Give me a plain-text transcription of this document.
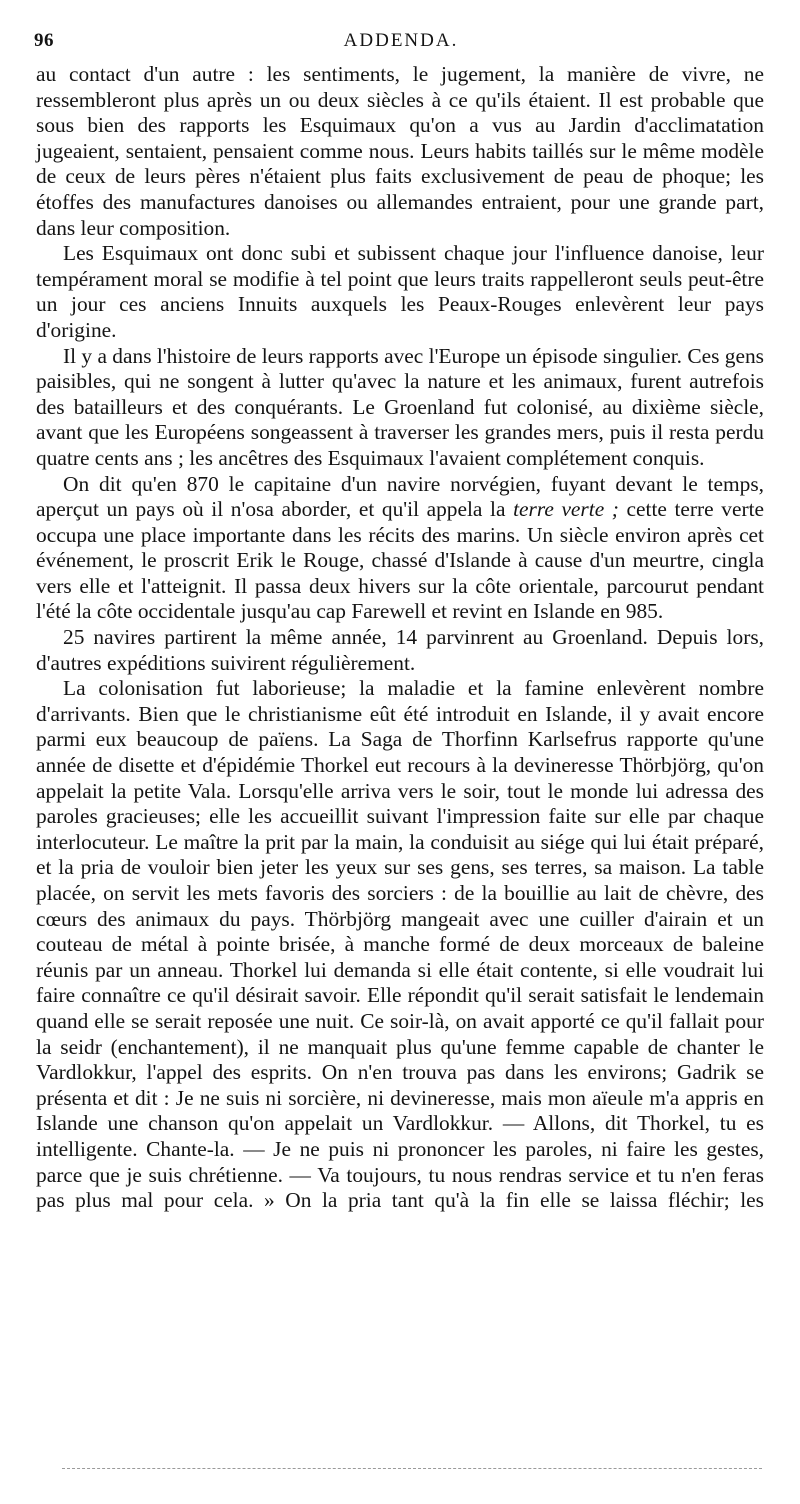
96	ADDENDA.

au contact d'un autre : les sentiments, le jugement, la manière de vivre, ne ressembleront plus après un ou deux siècles à ce qu'ils étaient. Il est probable que sous bien des rapports les Esquimaux qu'on a vus au Jardin d'acclimatation jugeaient, sentaient, pensaient comme nous. Leurs habits taillés sur le même modèle de ceux de leurs pères n'étaient plus faits exclusivement de peau de phoque; les étoffes des manufactures danoises ou allemandes entraient, pour une grande part, dans leur composition.

Les Esquimaux ont donc subi et subissent chaque jour l'influence danoise, leur tempérament moral se modifie à tel point que leurs traits rappelleront seuls peut-être un jour ces anciens Innuits auxquels les Peaux-Rouges enlevèrent leur pays d'origine.

Il y a dans l'histoire de leurs rapports avec l'Europe un épisode singulier. Ces gens paisibles, qui ne songent à lutter qu'avec la nature et les animaux, furent autrefois des batailleurs et des conquérants. Le Groenland fut colonisé, au dixième siècle, avant que les Européens songeassent à traverser les grandes mers, puis il resta perdu quatre cents ans ; les ancêtres des Esquimaux l'avaient complétement conquis.

On dit qu'en 870 le capitaine d'un navire norvégien, fuyant devant le temps, aperçut un pays où il n'osa aborder, et qu'il appela la terre verte ; cette terre verte occupa une place importante dans les récits des marins. Un siècle environ après cet événement, le proscrit Erik le Rouge, chassé d'Islande à cause d'un meurtre, cingla vers elle et l'atteignit. Il passa deux hivers sur la côte orientale, parcourut pendant l'été la côte occidentale jusqu'au cap Farewell et revint en Islande en 985.

25 navires partirent la même année, 14 parvinrent au Groenland. Depuis lors, d'autres expéditions suivirent régulièrement.

La colonisation fut laborieuse; la maladie et la famine enlevèrent nombre d'arrivants. Bien que le christianisme eût été introduit en Islande, il y avait encore parmi eux beaucoup de païens. La Saga de Thorfinn Karlsefrus rapporte qu'une année de disette et d'épidémie Thorkel eut recours à la devineresse Thörbjörg, qu'on appelait la petite Vala. Lorsqu'elle arriva vers le soir, tout le monde lui adressa des paroles gracieuses; elle les accueillit suivant l'impression faite sur elle par chaque interlocuteur. Le maître la prit par la main, la conduisit au siége qui lui était préparé, et la pria de vouloir bien jeter les yeux sur ses gens, ses terres, sa maison. La table placée, on servit les mets favoris des sorciers : de la bouillie au lait de chèvre, des cœurs des animaux du pays. Thörbjörg mangeait avec une cuiller d'airain et un couteau de métal à pointe brisée, à manche formé de deux morceaux de baleine réunis par un anneau. Thorkel lui demanda si elle était contente, si elle voudrait lui faire connaître ce qu'il désirait savoir. Elle répondit qu'il serait satisfait le lendemain quand elle se serait reposée une nuit. Ce soir-là, on avait apporté ce qu'il fallait pour la seidr (enchantement), il ne manquait plus qu'une femme capable de chanter le Vardlokkur, l'appel des esprits. On n'en trouva pas dans les environs; Gadrik se présenta et dit : Je ne suis ni sorcière, ni devineresse, mais mon aïeule m'a appris en Islande une chanson qu'on appelait un Vardlokkur. — Allons, dit Thorkel, tu es intelligente. Chante-la. — Je ne puis ni prononcer les paroles, ni faire les gestes, parce que je suis chrétienne. — Va toujours, tu nous rendras service et tu n'en feras pas plus mal pour cela. » On la pria tant qu'à la fin elle se laissa fléchir; les
